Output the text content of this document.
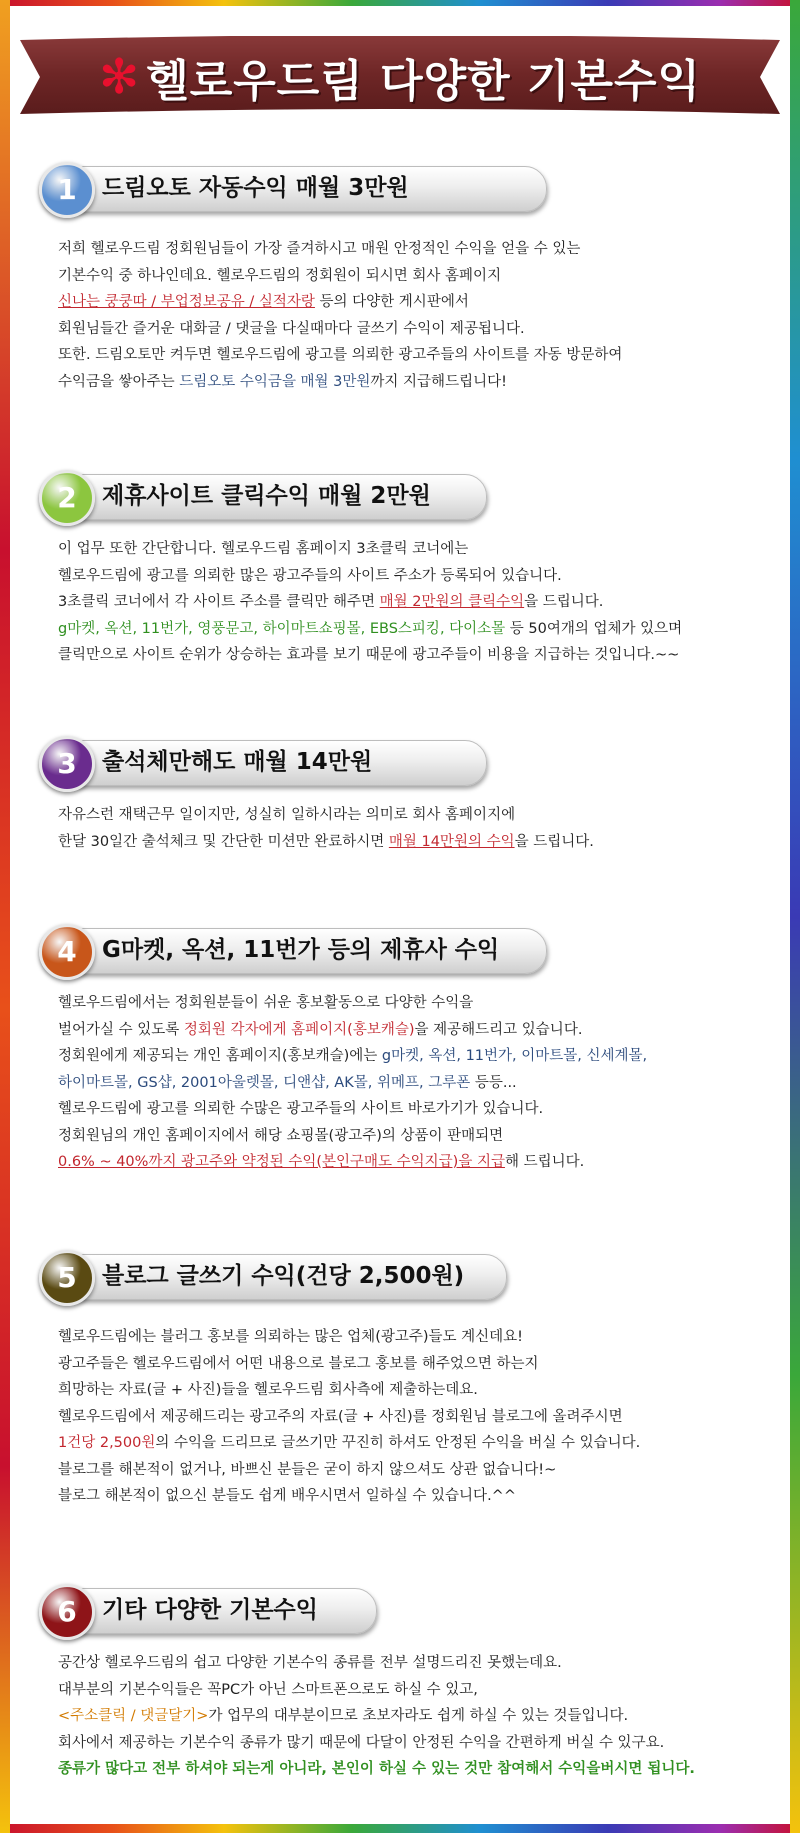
✻ 헬로우드림 다양한 기본수익
1	드림오토 자동수익 매월 3만원

저희 헬로우드림 정회원님들이 가장 즐겨하시고 매원 안정적인 수익을 얻을 수 있는

기본수익 중 하나인데요. 헬로우드림의 정회원이 되시면 회사 홈페이지

신나는 쿵쿵따 / 부업정보공유 / 실적자랑 등의 다양한 게시판에서

회원님들간 즐거운 대화글 / 댓글을 다실때마다 글쓰기 수익이 제공됩니다.

또한. 드림오토만 켜두면 헬로우드림에 광고를 의뢰한 광고주들의 사이트를 자동 방문하여

수익금을 쌓아주는 드림오토 수익금을 매월 3만원까지 지급해드립니다!

2	제휴사이트 클릭수익 매월 2만원

이 업무 또한 간단합니다. 헬로우드림 홈페이지 3초클릭 코너에는

헬로우드림에 광고를 의뢰한 많은 광고주들의 사이트 주소가 등록되어 있습니다.

3초클릭 코너에서 각 사이트 주소를 클릭만 해주면 매월 2만원의 클릭수익을 드립니다.

g마켓, 옥션, 11번가, 영풍문고, 하이마트쇼핑몰, EBS스피킹, 다이소몰 등 50여개의 업체가 있으며

클릭만으로 사이트 순위가 상승하는 효과를 보기 때문에 광고주들이 비용을 지급하는 것입니다.~~

3	출석체만해도 매월 14만원

자유스런 재택근무 일이지만, 성실히 일하시라는 의미로 회사 홈페이지에

한달 30일간 출석체크 및 간단한 미션만 완료하시면 매월 14만원의 수익을 드립니다.

4	G마켓, 옥션, 11번가 등의 제휴사 수익

헬로우드림에서는 정회원분들이 쉬운 홍보활동으로 다양한 수익을

벌어가실 수 있도록 정회원 각자에게 홈페이지(홍보캐슬)을 제공해드리고 있습니다.

정회원에게 제공되는 개인 홈페이지(홍보캐슬)에는 g마켓, 옥션, 11번가, 이마트몰, 신세계몰,

하이마트몰, GS샵, 2001아울렛몰, 디앤샵, AK몰, 위메프, 그루폰 등등...

헬로우드림에 광고를 의뢰한 수많은 광고주들의 사이트 바로가기가 있습니다.

정회원님의 개인 홈페이지에서 해당 쇼핑몰(광고주)의 상품이 판매되면

0.6% ~ 40%까지 광고주와 약정된 수익(본인구매도 수익지급)을 지급해 드립니다.

5	블로그 글쓰기 수익(건당 2,500원)

헬로우드림에는 블러그 홍보를 의뢰하는 많은 업체(광고주)들도 계신데요!

광고주들은 헬로우드림에서 어떤 내용으로 블로그 홍보를 해주었으면 하는지

희망하는 자료(글 + 사진)들을 헬로우드림 회사측에 제출하는데요.

헬로우드림에서 제공해드리는 광고주의 자료(글 + 사진)를 정회원님 블로그에 올려주시면

1건당 2,500원의 수익을 드리므로 글쓰기만 꾸진히 하셔도 안정된 수익을 버실 수 있습니다.

블로그를 해본적이 없거나, 바쁘신 분들은 굳이 하지 않으셔도 상관 없습니다!~

블로그 해본적이 없으신 분들도 쉽게 배우시면서 일하실 수 있습니다.^^

6	기타 다양한 기본수익

공간상 헬로우드림의 쉽고 다양한 기본수익 종류를 전부 설명드리진 못했는데요.

대부분의 기본수익들은 꼭PC가 아닌 스마트폰으로도 하실 수 있고,

<주소클릭 / 댓글달기>가 업무의 대부분이므로 초보자라도 쉽게 하실 수 있는 것들입니다.

회사에서 제공하는 기본수익 종류가 많기 때문에 다달이 안정된 수익을 간편하게 버실 수 있구요.

종류가 많다고 전부 하셔야 되는게 아니라, 본인이 하실 수 있는 것만 참여해서 수익을버시면 됩니다.
